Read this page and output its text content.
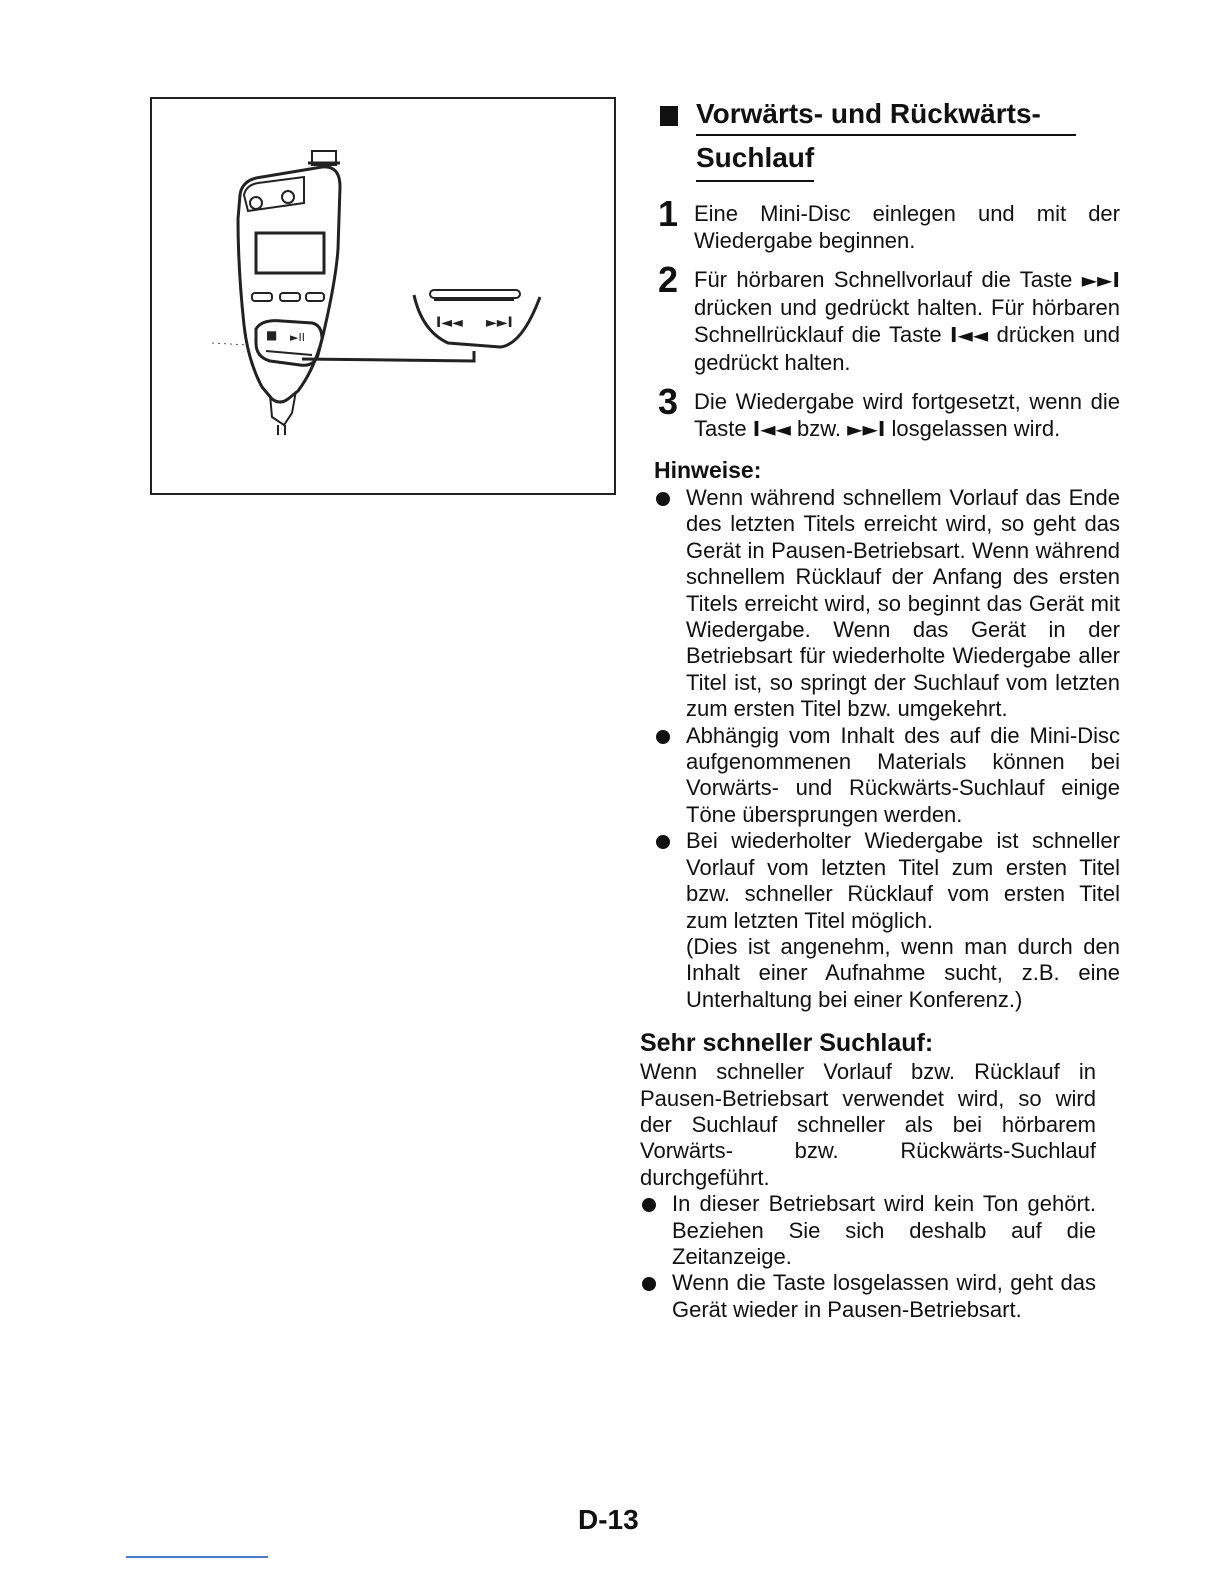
■ ►II
I◄◄ ►►I
Vorwärts- und Rückwärts-
Suchlauf
1 Eine Mini-Disc einlegen und mit der Wiedergabe beginnen.
2 Für hörbaren Schnellvorlauf die Taste ►►I drücken und gedrückt halten. Für hörbaren Schnellrücklauf die Taste I◄◄ drücken und gedrückt halten.
3 Die Wiedergabe wird fortgesetzt, wenn die Taste I◄◄ bzw. ►►I losgelassen wird.
Hinweise:

Wenn während schnellem Vorlauf das Ende des letzten Titels erreicht wird, so geht das Gerät in Pausen-Betriebsart. Wenn während schnellem Rücklauf der Anfang des ersten Titels erreicht wird, so beginnt das Gerät mit Wiedergabe. Wenn das Gerät in der Betriebsart für wiederholte Wiedergabe aller Titel ist, so springt der Suchlauf vom letzten zum ersten Titel bzw. umgekehrt.

Abhängig vom Inhalt des auf die Mini-Disc aufgenommenen Materials können bei Vorwärts- und Rückwärts-Suchlauf einige Töne übersprungen werden.

Bei wiederholter Wiedergabe ist schneller Vorlauf vom letzten Titel zum ersten Titel bzw. schneller Rücklauf vom ersten Titel zum letzten Titel möglich.

(Dies ist angenehm, wenn man durch den Inhalt einer Aufnahme sucht, z.B. eine Unterhaltung bei einer Konferenz.)

Sehr schneller Suchlauf:
Wenn schneller Vorlauf bzw. Rücklauf in Pausen-Betriebsart verwendet wird, so wird der Suchlauf schneller als bei hörbarem Vorwärts- bzw. Rückwärts-Suchlauf durchgeführt.

In dieser Betriebsart wird kein Ton gehört. Beziehen Sie sich deshalb auf die Zeitanzeige.

Wenn die Taste losgelassen wird, geht das Gerät wieder in Pausen-Betriebsart.

D-13
